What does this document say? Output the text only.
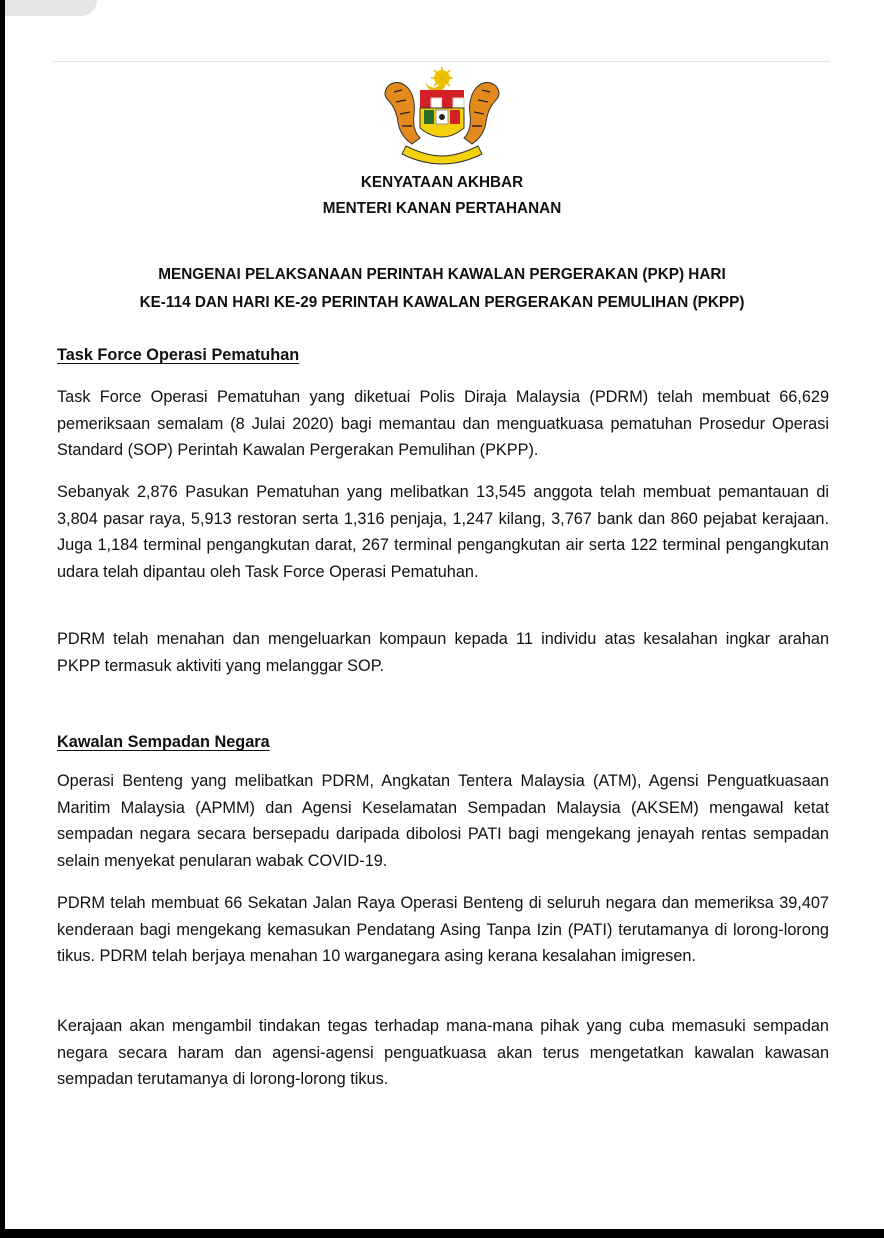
KENYATAAN AKHBAR
MENTERI KANAN PERTAHANAN
MENGENAI PELAKSANAAN PERINTAH KAWALAN PERGERAKAN (PKP) HARI
KE-114 DAN HARI KE-29 PERINTAH KAWALAN PERGERAKAN PEMULIHAN (PKPP)
Task Force Operasi Pematuhan
Task Force Operasi Pematuhan yang diketuai Polis Diraja Malaysia (PDRM) telah membuat 66,629 pemeriksaan semalam (8 Julai 2020) bagi memantau dan menguatkuasa pematuhan Prosedur Operasi Standard (SOP) Perintah Kawalan Pergerakan Pemulihan (PKPP).
Sebanyak 2,876 Pasukan Pematuhan yang melibatkan 13,545 anggota telah membuat pemantauan di 3,804 pasar raya, 5,913 restoran serta 1,316 penjaja, 1,247 kilang, 3,767 bank dan 860 pejabat kerajaan. Juga 1,184 terminal pengangkutan darat, 267 terminal pengangkutan air serta 122 terminal pengangkutan udara telah dipantau oleh Task Force Operasi Pematuhan.
PDRM telah menahan dan mengeluarkan kompaun kepada 11 individu atas kesalahan ingkar arahan PKPP termasuk aktiviti yang melanggar SOP.
Kawalan Sempadan Negara
Operasi Benteng yang melibatkan PDRM, Angkatan Tentera Malaysia (ATM), Agensi Penguatkuasaan Maritim Malaysia (APMM) dan Agensi Keselamatan Sempadan Malaysia (AKSEM) mengawal ketat sempadan negara secara bersepadu daripada dibolosi PATI bagi mengekang jenayah rentas sempadan selain menyekat penularan wabak COVID-19.
PDRM telah membuat 66 Sekatan Jalan Raya Operasi Benteng di seluruh negara dan memeriksa 39,407 kenderaan bagi mengekang kemasukan Pendatang Asing Tanpa Izin (PATI) terutamanya di lorong-lorong tikus. PDRM telah berjaya menahan 10 warganegara asing kerana kesalahan imigresen.
Kerajaan akan mengambil tindakan tegas terhadap mana-mana pihak yang cuba memasuki sempadan negara secara haram dan agensi-agensi penguatkuasa akan terus mengetatkan kawalan kawasan sempadan terutamanya di lorong-lorong tikus.
